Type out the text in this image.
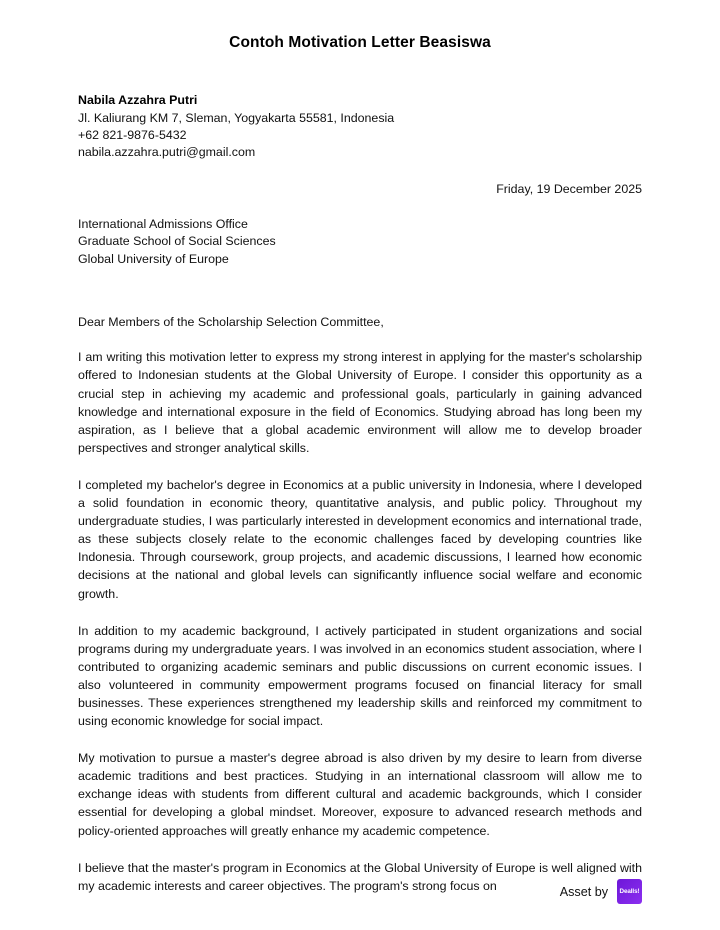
Contoh Motivation Letter Beasiswa
Nabila Azzahra Putri
Jl. Kaliurang KM 7, Sleman, Yogyakarta 55581, Indonesia
+62 821-9876-5432
nabila.azzahra.putri@gmail.com
Friday, 19 December 2025
International Admissions Office
Graduate School of Social Sciences
Global University of Europe
Dear Members of the Scholarship Selection Committee,

I am writing this motivation letter to express my strong interest in applying for the master's scholarship offered to Indonesian students at the Global University of Europe. I consider this opportunity as a crucial step in achieving my academic and professional goals, particularly in gaining advanced knowledge and international exposure in the field of Economics. Studying abroad has long been my aspiration, as I believe that a global academic environment will allow me to develop broader perspectives and stronger analytical skills.

I completed my bachelor's degree in Economics at a public university in Indonesia, where I developed a solid foundation in economic theory, quantitative analysis, and public policy. Throughout my undergraduate studies, I was particularly interested in development economics and international trade, as these subjects closely relate to the economic challenges faced by developing countries like Indonesia. Through coursework, group projects, and academic discussions, I learned how economic decisions at the national and global levels can significantly influence social welfare and economic growth.

In addition to my academic background, I actively participated in student organizations and social programs during my undergraduate years. I was involved in an economics student association, where I contributed to organizing academic seminars and public discussions on current economic issues. I also volunteered in community empowerment programs focused on financial literacy for small businesses. These experiences strengthened my leadership skills and reinforced my commitment to using economic knowledge for social impact.

My motivation to pursue a master's degree abroad is also driven by my desire to learn from diverse academic traditions and best practices. Studying in an international classroom will allow me to exchange ideas with students from different cultural and academic backgrounds, which I consider essential for developing a global mindset. Moreover, exposure to advanced research methods and policy-oriented approaches will greatly enhance my academic competence.

I believe that the master's program in Economics at the Global University of Europe is well aligned with my academic interests and career objectives. The program's strong focus on	Asset by Dealls!
